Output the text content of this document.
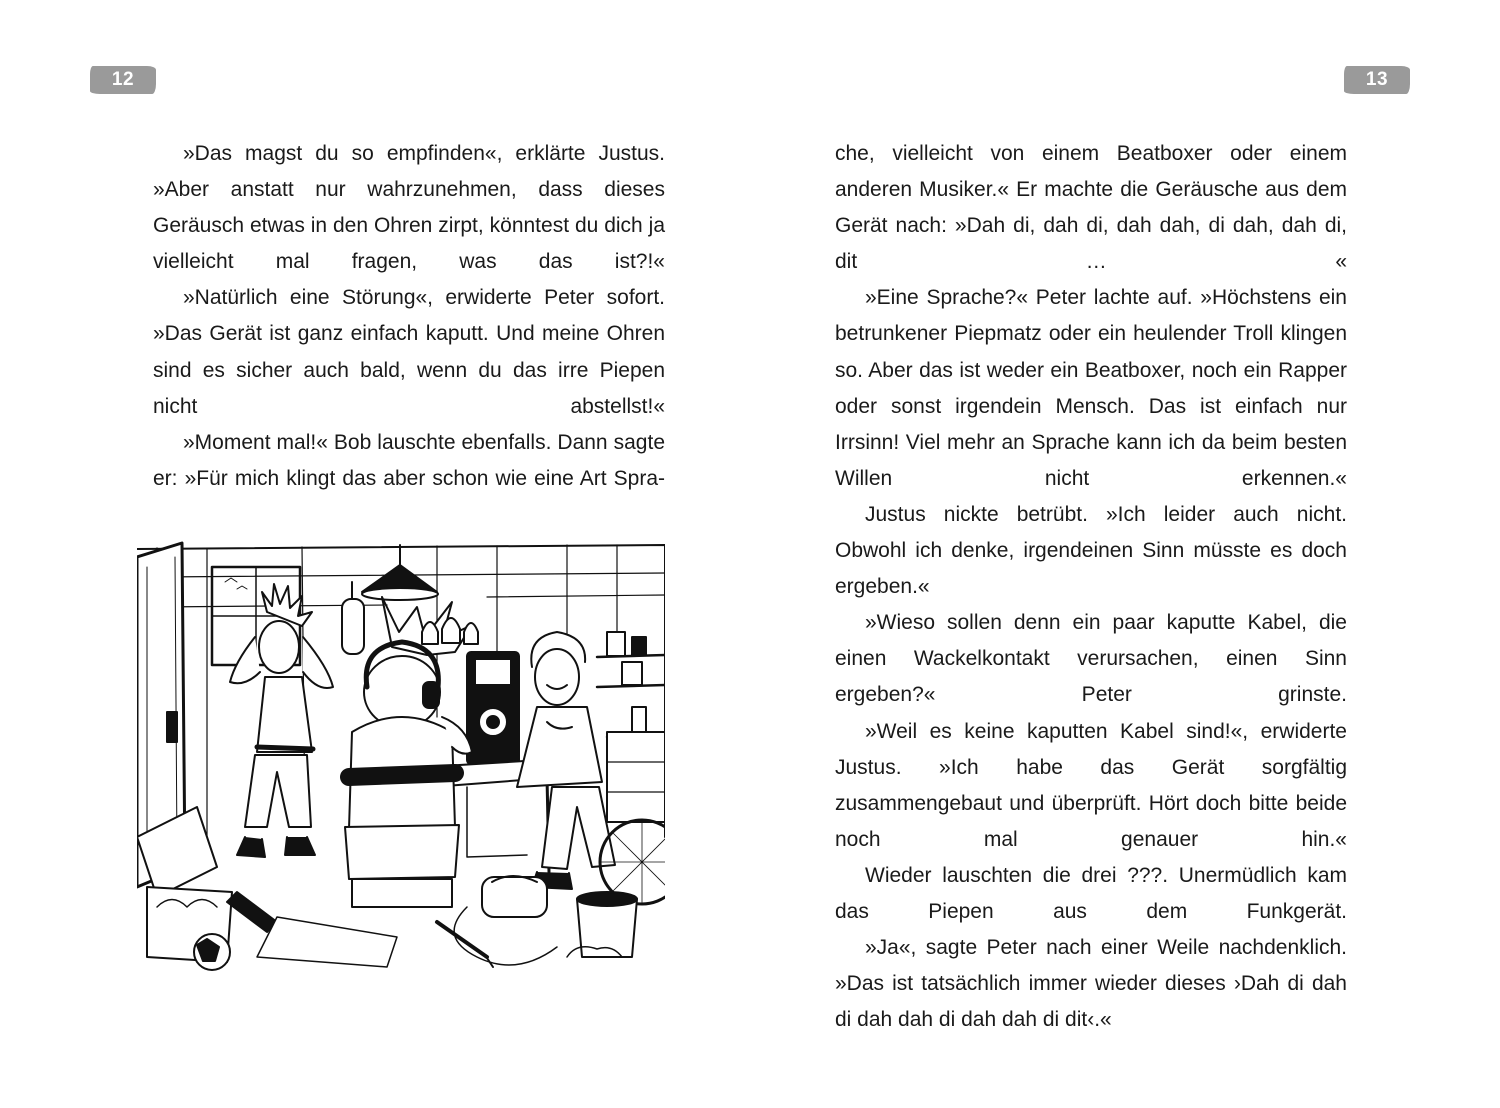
12

»Das magst du so empfinden«, erklärte Justus. »Aber anstatt nur wahrzunehmen, dass dieses Geräusch etwas in den Ohren zirpt, könntest du dich ja vielleicht mal fragen, was das ist?!«

»Natürlich eine Störung«, erwiderte Peter sofort. »Das Gerät ist ganz einfach kaputt. Und meine Ohren sind es sicher auch bald, wenn du das irre Piepen nicht abstellst!«

»Moment mal!« Bob lauschte ebenfalls. Dann sagte er: »Für mich klingt das aber schon wie eine Art Spra-

13

che, vielleicht von einem Beatboxer oder einem anderen Musiker.« Er machte die Geräusche aus dem Gerät nach: »Dah di, dah di, dah dah, di dah, dah di, dit … «

»Eine Sprache?« Peter lachte auf. »Höchstens ein betrunkener Piepmatz oder ein heulender Troll klingen so. Aber das ist weder ein Beatboxer, noch ein Rapper oder sonst irgendein Mensch. Das ist einfach nur Irrsinn! Viel mehr an Sprache kann ich da beim besten Willen nicht erkennen.«

Justus nickte betrübt. »Ich leider auch nicht. Obwohl ich denke, irgendeinen Sinn müsste es doch ergeben.«

»Wieso sollen denn ein paar kaputte Kabel, die einen Wackelkontakt verursachen, einen Sinn ergeben?« Peter grinste.

»Weil es keine kaputten Kabel sind!«, erwiderte Justus. »Ich habe das Gerät sorgfältig zusammengebaut und überprüft. Hört doch bitte beide noch mal genauer hin.«

Wieder lauschten die drei ???. Unermüdlich kam das Piepen aus dem Funkgerät.

»Ja«, sagte Peter nach einer Weile nachdenklich. »Das ist tatsächlich immer wieder dieses ›Dah di dah di dah dah di dah dah di dit‹.«
